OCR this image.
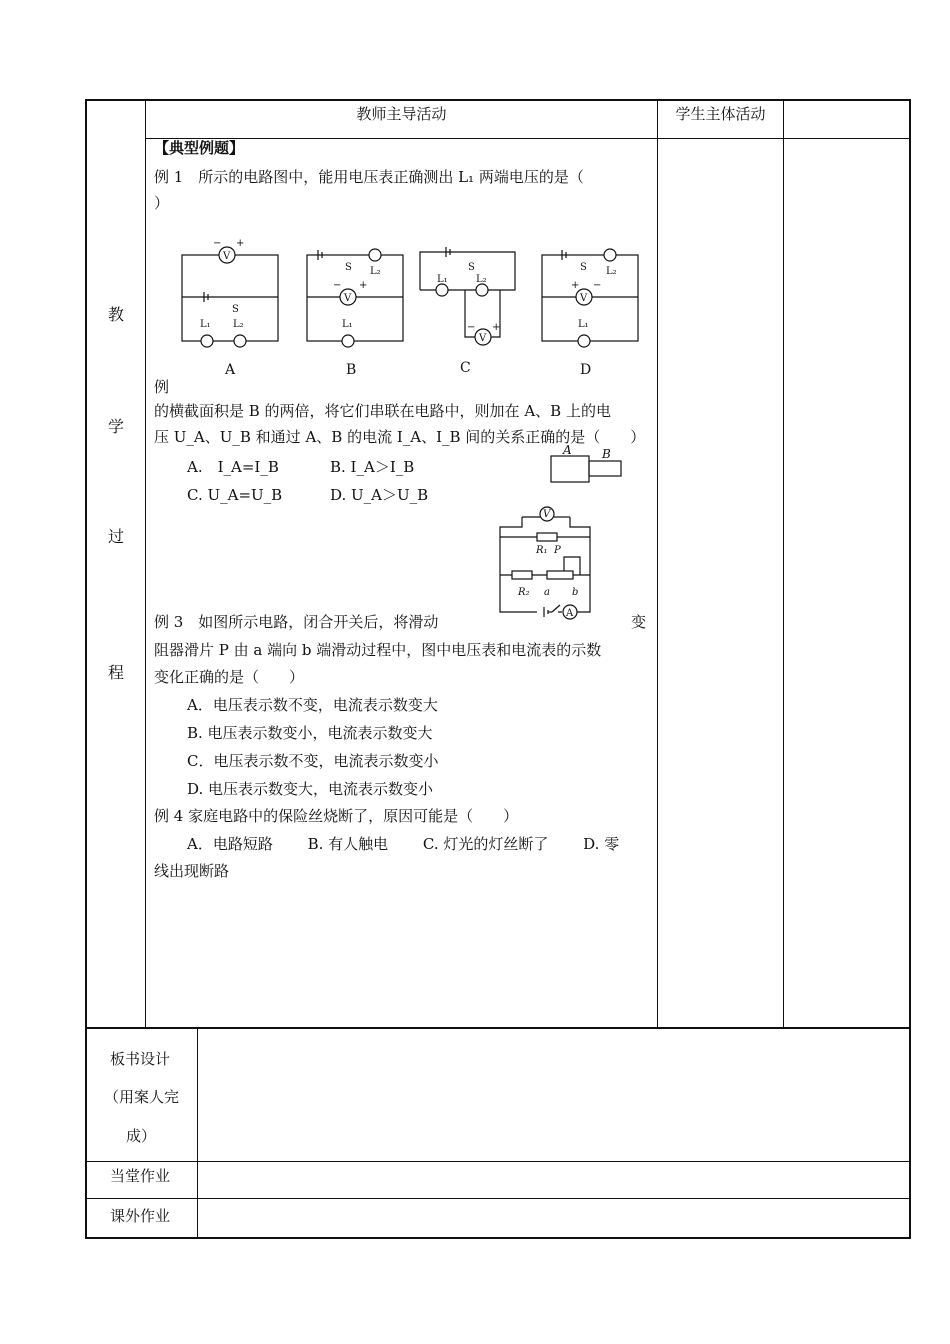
教师主导活动	学生主体活动
教
学
过
程
【典型例题】
例 1　所示的电路图中，能用电压表正确测出 L₁ 两端电压的是（
）
V
− +
S
L₁ L₂
V
− +
S L₂
L₁
V
− +
S
L₁	L₂
V
+ −
S L₂
L₁
A	B	C	D
例
的横截面积是 B 的两倍，将它们串联在电路中，则加在 A、B 上的电
压 U_A、U_B 和通过 A、B 的电流 I_A、I_B 间的关系正确的是（　　）
A.　I_A=I_B	B. I_A＞I_B
C. U_A=U_B	D. U_A＞U_B
A	B
V
A
R₁ P
R₂ a b
例 3　如图所示电路，闭合开关后，将滑动	变
阻器滑片 P 由 a 端向 b 端滑动过程中，图中电压表和电流表的示数
变化正确的是（　　）
A．电压表示数不变，电流表示数变大
B. 电压表示数变小，电流表示数变大
C．电压表示数不变，电流表示数变小
D. 电压表示数变大，电流表示数变小
例 4 家庭电路中的保险丝烧断了，原因可能是（　　）
A．电路短路　　 B. 有人触电　　 C. 灯光的灯丝断了　　 D. 零
线出现断路
板书设计
（用案人完
成）
当堂作业
课外作业
